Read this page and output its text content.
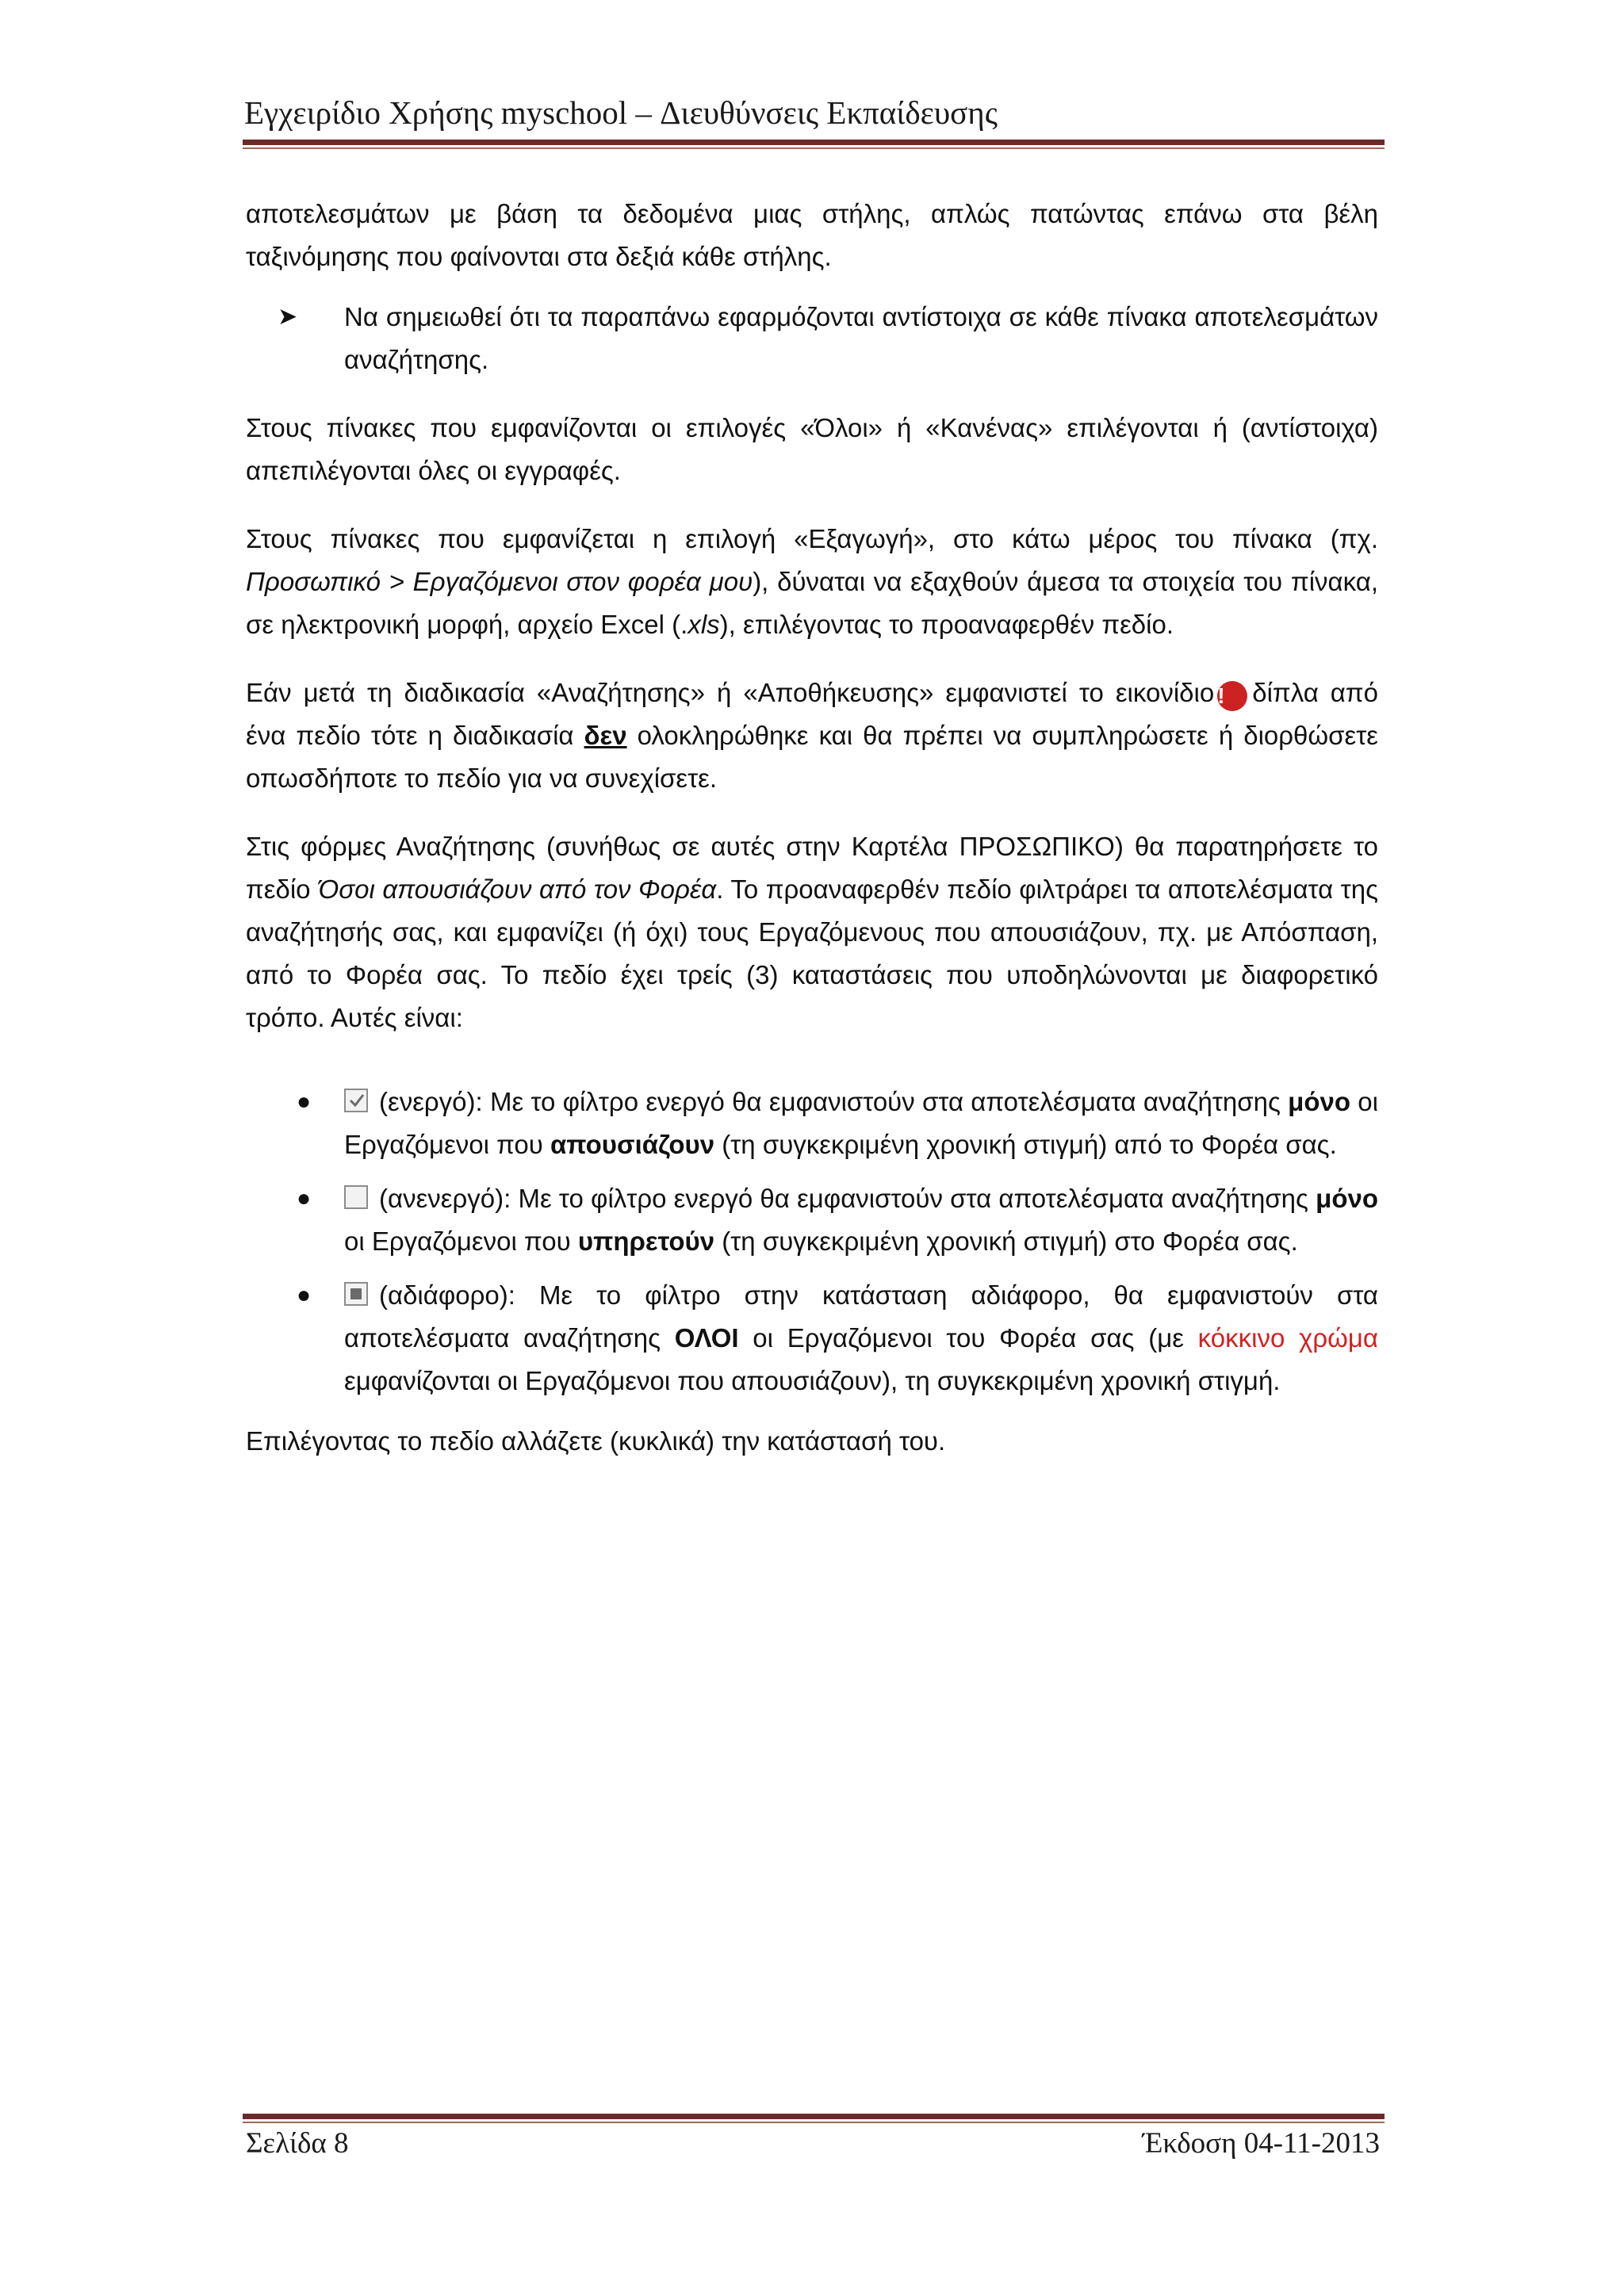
Εγχειρίδιο Χρήσης myschool – Διευθύνσεις Εκπαίδευσης

αποτελεσμάτων με βάση τα δεδομένα μιας στήλης, απλώς πατώντας επάνω στα βέλη ταξινόμησης που φαίνονται στα δεξιά κάθε στήλης.

➤ Να σημειωθεί ότι τα παραπάνω εφαρμόζονται αντίστοιχα σε κάθε πίνακα αποτελεσμάτων αναζήτησης.

Στους πίνακες που εμφανίζονται οι επιλογές «Όλοι» ή «Κανένας» επιλέγονται ή (αντίστοιχα) απεπιλέγονται όλες οι εγγραφές.

Στους πίνακες που εμφανίζεται η επιλογή «Εξαγωγή», στο κάτω μέρος του πίνακα (πχ. Προσωπικό > Εργαζόμενοι στον φορέα μου), δύναται να εξαχθούν άμεσα τα στοιχεία του πίνακα, σε ηλεκτρονική μορφή, αρχείο Excel (.xls), επιλέγοντας το προαναφερθέν πεδίο.

Εάν μετά τη διαδικασία «Αναζήτησης» ή «Αποθήκευσης» εμφανιστεί το εικονίδιο ! δίπλα από ένα πεδίο τότε η διαδικασία δεν ολοκληρώθηκε και θα πρέπει να συμπληρώσετε ή διορθώσετε οπωσδήποτε το πεδίο για να συνεχίσετε.

Στις φόρμες Αναζήτησης (συνήθως σε αυτές στην Καρτέλα ΠΡΟΣΩΠΙΚΟ) θα παρατηρήσετε το πεδίο Όσοι απουσιάζουν από τον Φορέα. Το προαναφερθέν πεδίο φιλτράρει τα αποτελέσματα της αναζήτησής σας, και εμφανίζει (ή όχι) τους Εργαζόμενους που απουσιάζουν, πχ. με Απόσπαση, από το Φορέα σας. Το πεδίο έχει τρείς (3) καταστάσεις που υποδηλώνονται με διαφορετικό τρόπο. Αυτές είναι:

●	(ενεργό): Με το φίλτρο ενεργό θα εμφανιστούν στα αποτελέσματα αναζήτησης μόνο οι Εργαζόμενοι που απουσιάζουν (τη συγκεκριμένη χρονική στιγμή) από το Φορέα σας.
●	(ανενεργό): Με το φίλτρο ενεργό θα εμφανιστούν στα αποτελέσματα αναζήτησης μόνο οι Εργαζόμενοι που υπηρετούν (τη συγκεκριμένη χρονική στιγμή) στο Φορέα σας.
●	(αδιάφορο): Με το φίλτρο στην κατάσταση αδιάφορο, θα εμφανιστούν στα αποτελέσματα αναζήτησης ΟΛΟΙ οι Εργαζόμενοι του Φορέα σας (με κόκκινο χρώμα εμφανίζονται οι Εργαζόμενοι που απουσιάζουν), τη συγκεκριμένη χρονική στιγμή.

Επιλέγοντας το πεδίο αλλάζετε (κυκλικά) την κατάστασή του.

Σελίδα 8	Έκδοση 04-11-2013
